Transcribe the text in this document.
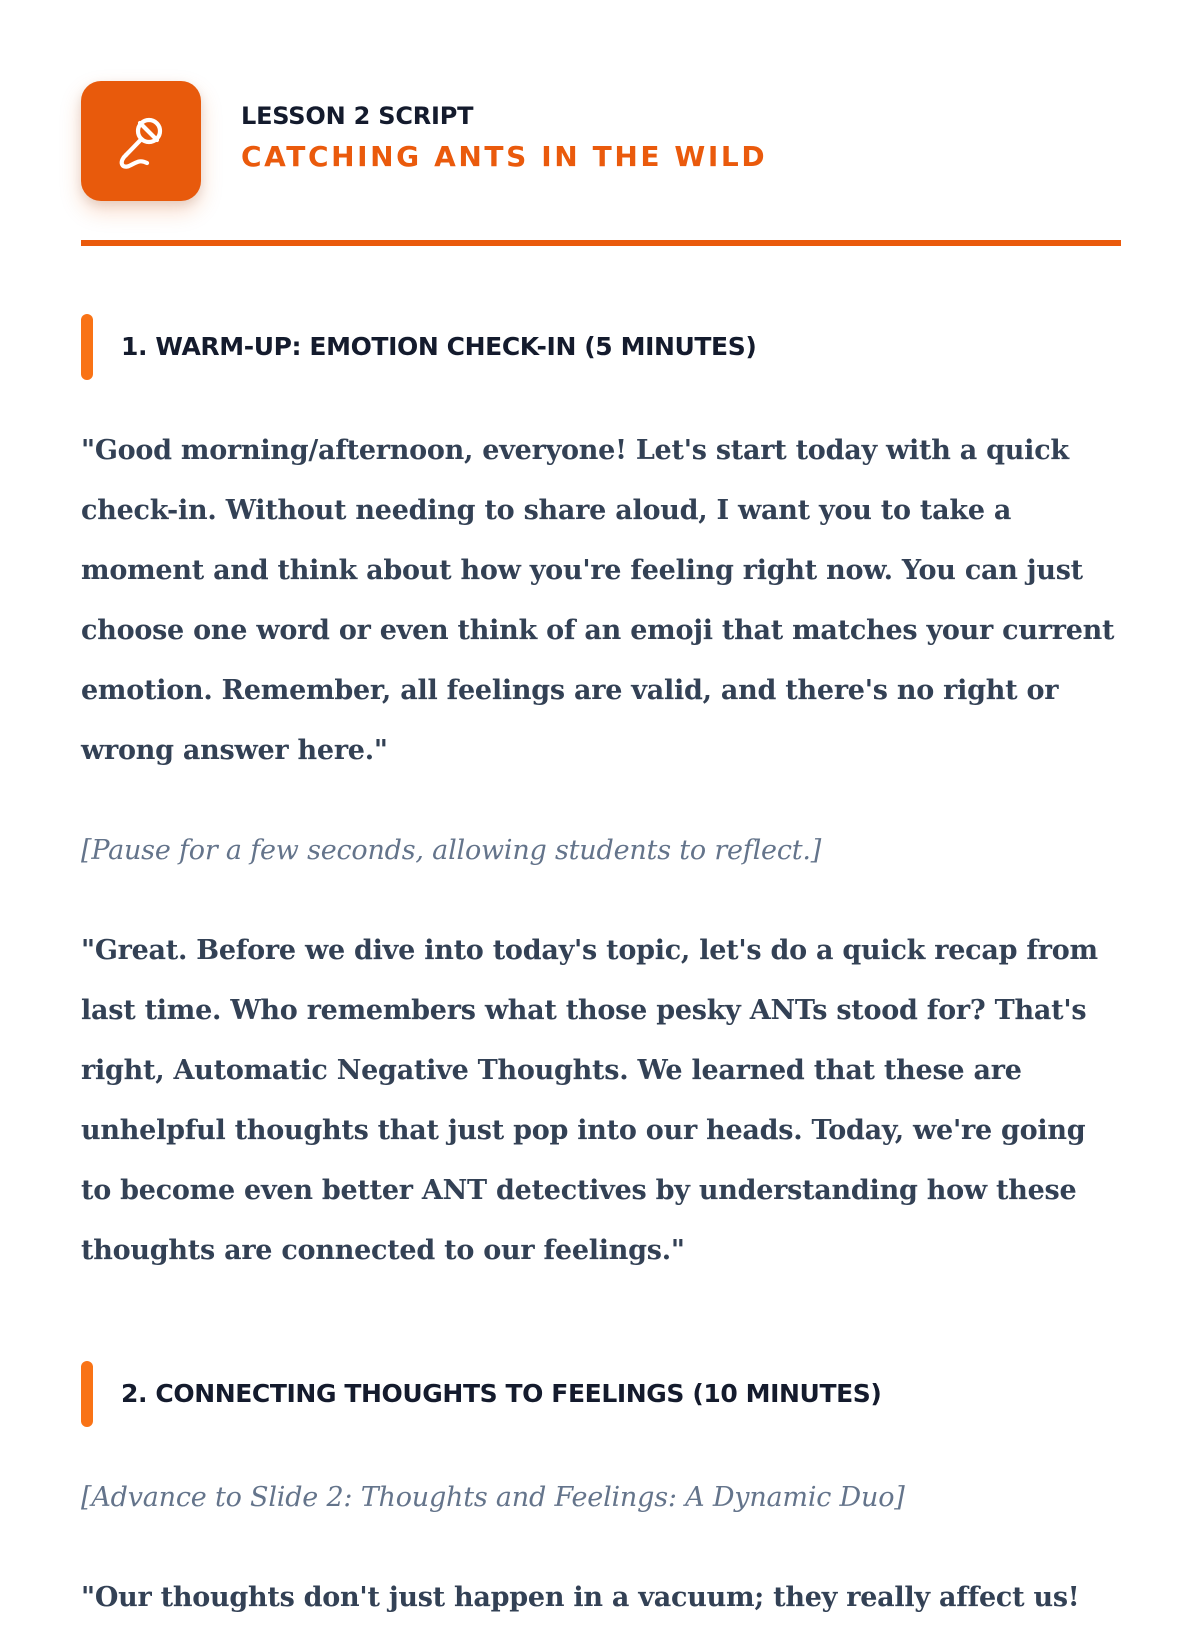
LESSON 2 SCRIPT
CATCHING ANTS IN THE WILD
1. WARM-UP: EMOTION CHECK-IN (5 MINUTES)

"Good morning/afternoon, everyone! Let's start today with a quick check-in. Without needing to share aloud, I want you to take a moment and think about how you're feeling right now. You can just choose one word or even think of an emoji that matches your current emotion. Remember, all feelings are valid, and there's no right or wrong answer here."

[Pause for a few seconds, allowing students to reflect.]

"Great. Before we dive into today's topic, let's do a quick recap from last time. Who remembers what those pesky ANTs stood for? That's right, Automatic Negative Thoughts. We learned that these are unhelpful thoughts that just pop into our heads. Today, we're going to become even better ANT detectives by understanding how these thoughts are connected to our feelings."

2. CONNECTING THOUGHTS TO FEELINGS (10 MINUTES)

[Advance to Slide 2: Thoughts and Feelings: A Dynamic Duo]

"Our thoughts don't just happen in a vacuum; they really affect us!
